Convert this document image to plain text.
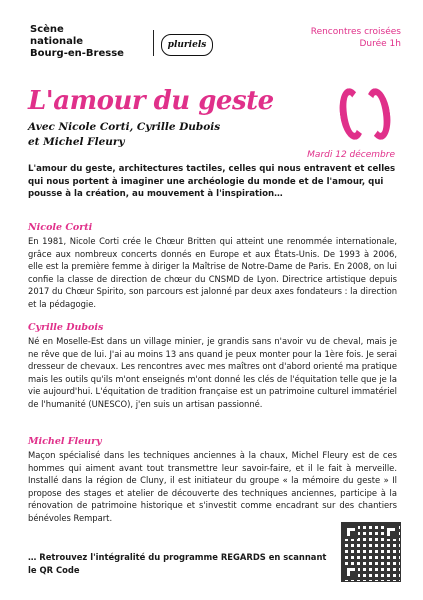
Scène
nationale
Bourg-en-Bresse
pluriels
Rencontres croisées
Durée 1h
L'amour du geste
Avec Nicole Corti, Cyrille Dubois
et Michel Fleury
Mardi 12 décembre
L'amour du geste, architectures tactiles, celles qui nous entravent et celles qui nous portent à imaginer une archéologie du monde et de l'amour, qui pousse à la création, au mouvement à l'inspiration…
Nicole Corti

En 1981, Nicole Corti crée le Chœur Britten qui atteint une renommée internationale, grâce aux nombreux concerts donnés en Europe et aux États-Unis. De 1993 à 2006, elle est la première femme à diriger la Maîtrise de Notre-Dame de Paris. En 2008, on lui confie la classe de direction de chœur du CNSMD de Lyon. Directrice artistique depuis 2017 du Chœur Spirito, son parcours est jalonné par deux axes fondateurs : la direction et la pédagogie.

Cyrille Dubois

Né en Moselle-Est dans un village minier, je grandis sans n'avoir vu de cheval, mais je ne rêve que de lui. J'ai au moins 13 ans quand je peux monter pour la 1ère fois. Je serai dresseur de chevaux. Les rencontres avec mes maîtres ont d'abord orienté ma pratique mais les outils qu'ils m'ont enseignés m'ont donné les clés de l'équitation telle que je la vie aujourd'hui. L'équitation de tradition française est un patrimoine culturel immatériel de l'humanité (UNESCO), j'en suis un artisan passionné.

Michel Fleury

Maçon spécialisé dans les techniques anciennes à la chaux, Michel Fleury est de ces hommes qui aiment avant tout transmettre leur savoir-faire, et il le fait à merveille. Installé dans la région de Cluny, il est initiateur du groupe « la mémoire du geste » Il propose des stages et atelier de découverte des techniques anciennes, participe à la rénovation de patrimoine historique et s'investit comme encadrant sur des chantiers bénévoles Rempart.

… Retrouvez l'intégralité du programme REGARDS en scannant le QR Code
